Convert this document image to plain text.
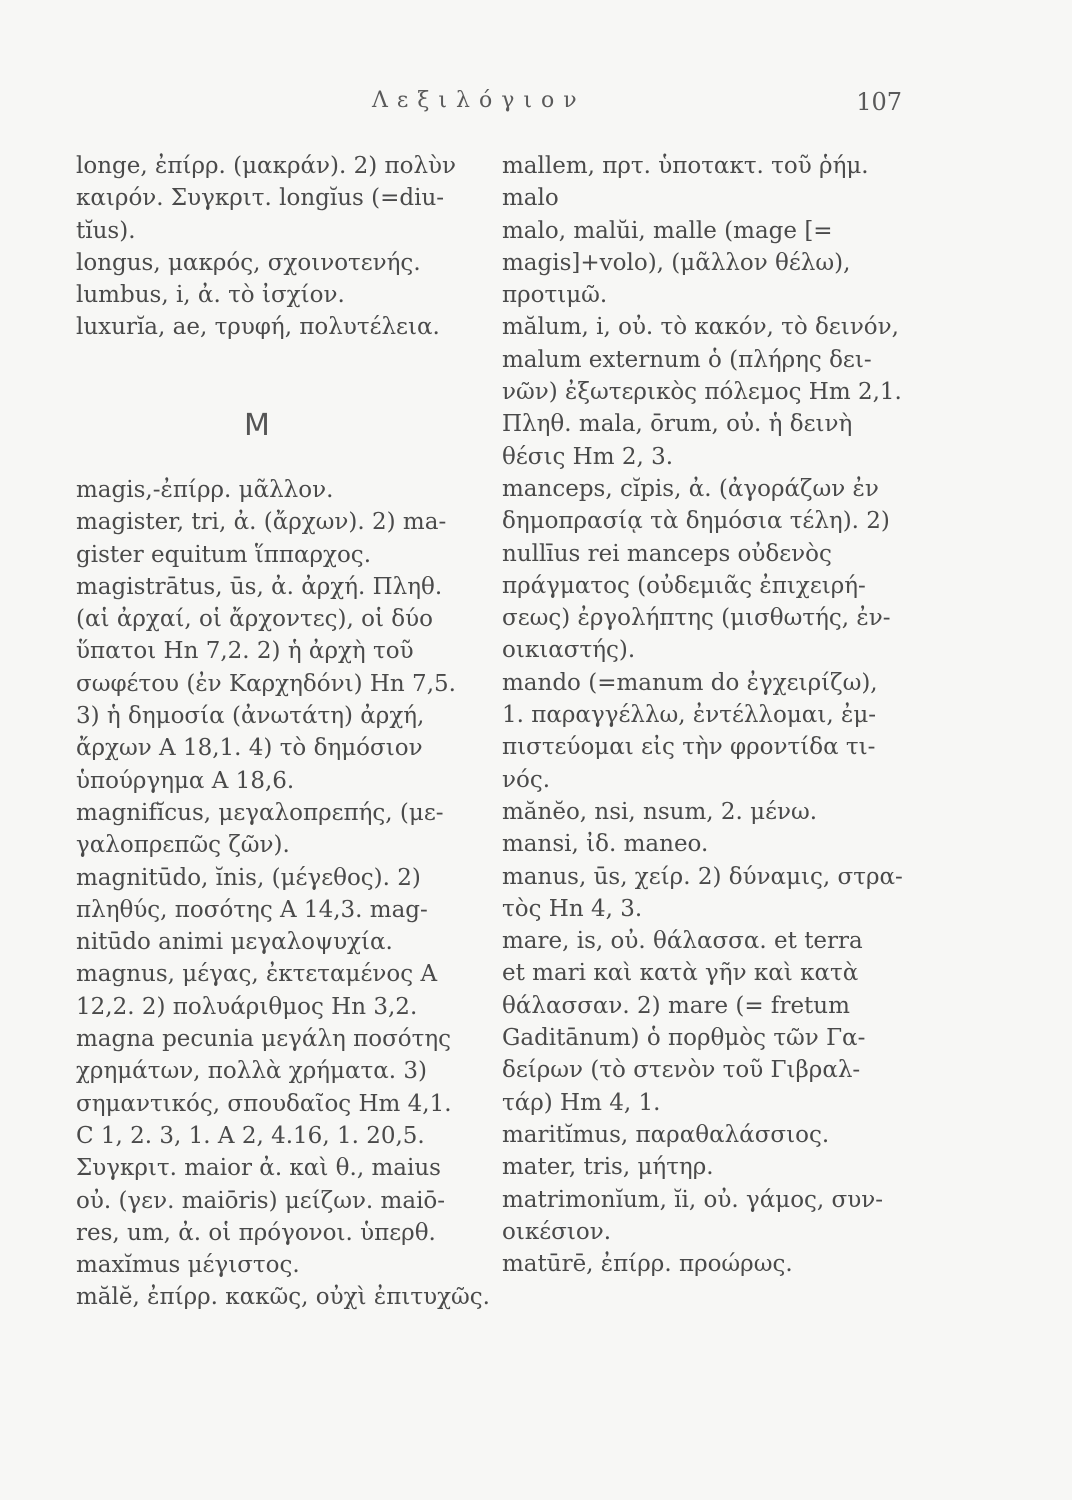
Λεξιλόγιον	107
longe, ἐπίρρ. (μακράν). 2) πολὺν
καιρόν. Συγκριτ. longĭus (=diu-
tĭus).
longus, μακρός, σχοινοτενής.
lumbus, i, ἀ. τὸ ἰσχίον.
luxurĭa, ae, τρυφή, πολυτέλεια.
magis,-ἐπίρρ. μᾶλλον.
magister, tri, ἀ. (ἄρχων). 2) ma-
gister equitum ἵππαρχος.
magistrātus, ūs, ἀ. ἀρχή. Πληθ.
(αἱ ἀρχαί, οἱ ἄρχοντες), οἱ δύο
ὕπατοι Hn 7,2. 2) ἡ ἀρχὴ τοῦ
σωφέτου (ἐν Καρχηδόνι) Hn 7,5.
3) ἡ δημοσία (ἀνωτάτη) ἀρχή,
ἄρχων A 18,1. 4) τὸ δημόσιον
ὑπούργημα A 18,6.
magnifĭcus, μεγαλοπρεπής, (με-
γαλοπρεπῶς ζῶν).
magnitūdo, ĭnis, (μέγεθος). 2)
πληθύς, ποσότης A 14,3. mag-
nitūdo animi μεγαλοψυχία.
magnus, μέγας, ἐκτεταμένος A
12,2. 2) πολυάριθμος Hn 3,2.
magna pecunia μεγάλη ποσότης
χρημάτων, πολλὰ χρήματα. 3)
σημαντικός, σπουδαῖος Hm 4,1.
C 1, 2. 3, 1. A 2, 4.16, 1. 20,5.
Συγκριτ. maior ἀ. καὶ θ., maius
οὐ. (γεν. maiōris) μείζων. maiō-
res, um, ἀ. οἱ πρόγονοι. ὑπερθ.
maxĭmus μέγιστος.
mălĕ, ἐπίρρ. κακῶς, οὐχὶ ἐπιτυχῶς.
M
mallem, πρτ. ὑποτακτ. τοῦ ῥήμ.
malo
malo, malŭi, malle (mage [=
magis]+volo), (μᾶλλον θέλω),
προτιμῶ.
mălum, i, οὐ. τὸ κακόν, τὸ δεινόν,
malum externum ὁ (πλήρης δει-
νῶν) ἐξωτερικὸς πόλεμος Hm 2,1.
Πληθ. mala, ōrum, οὐ. ἡ δεινὴ
θέσις Hm 2, 3.
manceps, cĭpis, ἀ. (ἀγοράζων ἐν
δημοπρασίᾳ τὰ δημόσια τέλη). 2)
nullīus rei manceps οὐδενὸς
πράγματος (οὐδεμιᾶς ἐπιχειρή-
σεως) ἐργολήπτης (μισθωτής, ἐν-
οικιαστής).
mando (=manum do ἐγχειρίζω),
1. παραγγέλλω, ἐντέλλομαι, ἐμ-
πιστεύομαι εἰς τὴν φροντίδα τι-
νός.
mănĕo, nsi, nsum, 2. μένω.
mansi, ἰδ. maneo.
manus, ūs, χείρ. 2) δύναμις, στρα-
τὸς Hn 4, 3.
mare, is, οὐ. θάλασσα. et terra
et mari καὶ κατὰ γῆν καὶ κατὰ
θάλασσαν. 2) mare (= fretum
Gaditānum) ὁ πορθμὸς τῶν Γα-
δείρων (τὸ στενὸν τοῦ Γιβραλ-
τάρ) Hm 4, 1.
maritĭmus, παραθαλάσσιος.
mater, tris, μήτηρ.
matrimonĭum, ĭi, οὐ. γάμος, συν-
οικέσιον.
matūrē, ἐπίρρ. προώρως.
